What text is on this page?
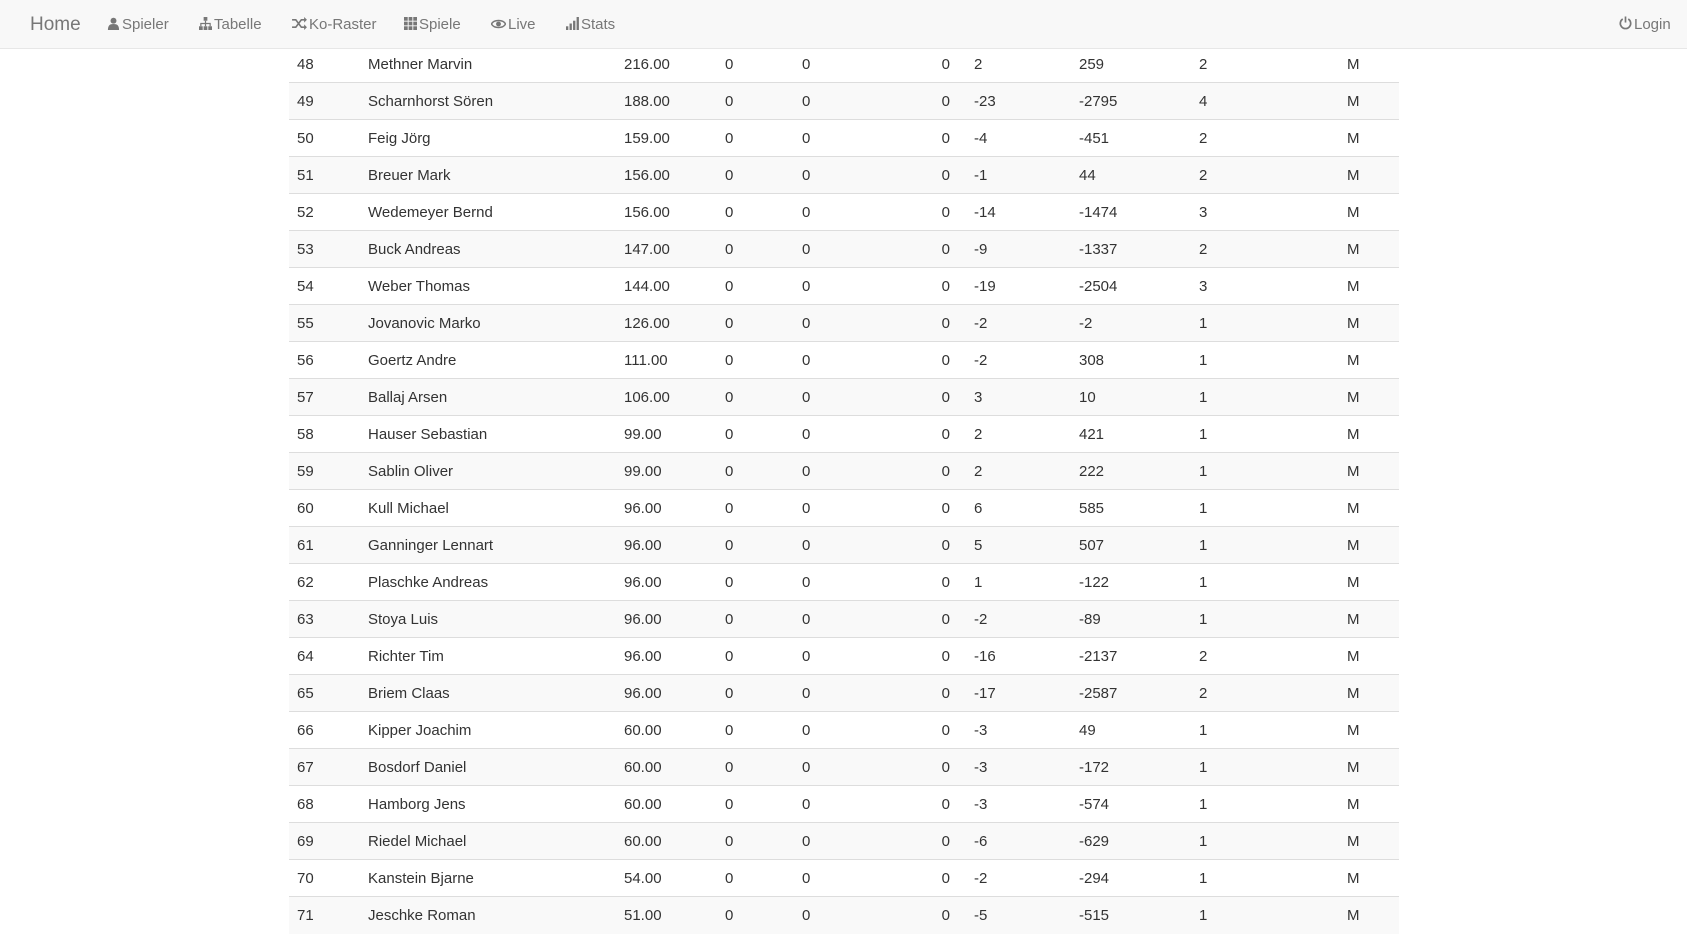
Home	Spieler	Tabelle	Ko-Raster	Spiele	Live	Stats	Login
48	Methner Marvin	216.00	0	0	0	2	259	2	M
49	Scharnhorst Sören	188.00	0	0	0	-23	-2795	4	M
50	Feig Jörg	159.00	0	0	0	-4	-451	2	M
51	Breuer Mark	156.00	0	0	0	-1	44	2	M
52	Wedemeyer Bernd	156.00	0	0	0	-14	-1474	3	M
53	Buck Andreas	147.00	0	0	0	-9	-1337	2	M
54	Weber Thomas	144.00	0	0	0	-19	-2504	3	M
55	Jovanovic Marko	126.00	0	0	0	-2	-2	1	M
56	Goertz Andre	111.00	0	0	0	-2	308	1	M
57	Ballaj Arsen	106.00	0	0	0	3	10	1	M
58	Hauser Sebastian	99.00	0	0	0	2	421	1	M
59	Sablin Oliver	99.00	0	0	0	2	222	1	M
60	Kull Michael	96.00	0	0	0	6	585	1	M
61	Ganninger Lennart	96.00	0	0	0	5	507	1	M
62	Plaschke Andreas	96.00	0	0	0	1	-122	1	M
63	Stoya Luis	96.00	0	0	0	-2	-89	1	M
64	Richter Tim	96.00	0	0	0	-16	-2137	2	M
65	Briem Claas	96.00	0	0	0	-17	-2587	2	M
66	Kipper Joachim	60.00	0	0	0	-3	49	1	M
67	Bosdorf Daniel	60.00	0	0	0	-3	-172	1	M
68	Hamborg Jens	60.00	0	0	0	-3	-574	1	M
69	Riedel Michael	60.00	0	0	0	-6	-629	1	M
70	Kanstein Bjarne	54.00	0	0	0	-2	-294	1	M
71	Jeschke Roman	51.00	0	0	0	-5	-515	1	M
